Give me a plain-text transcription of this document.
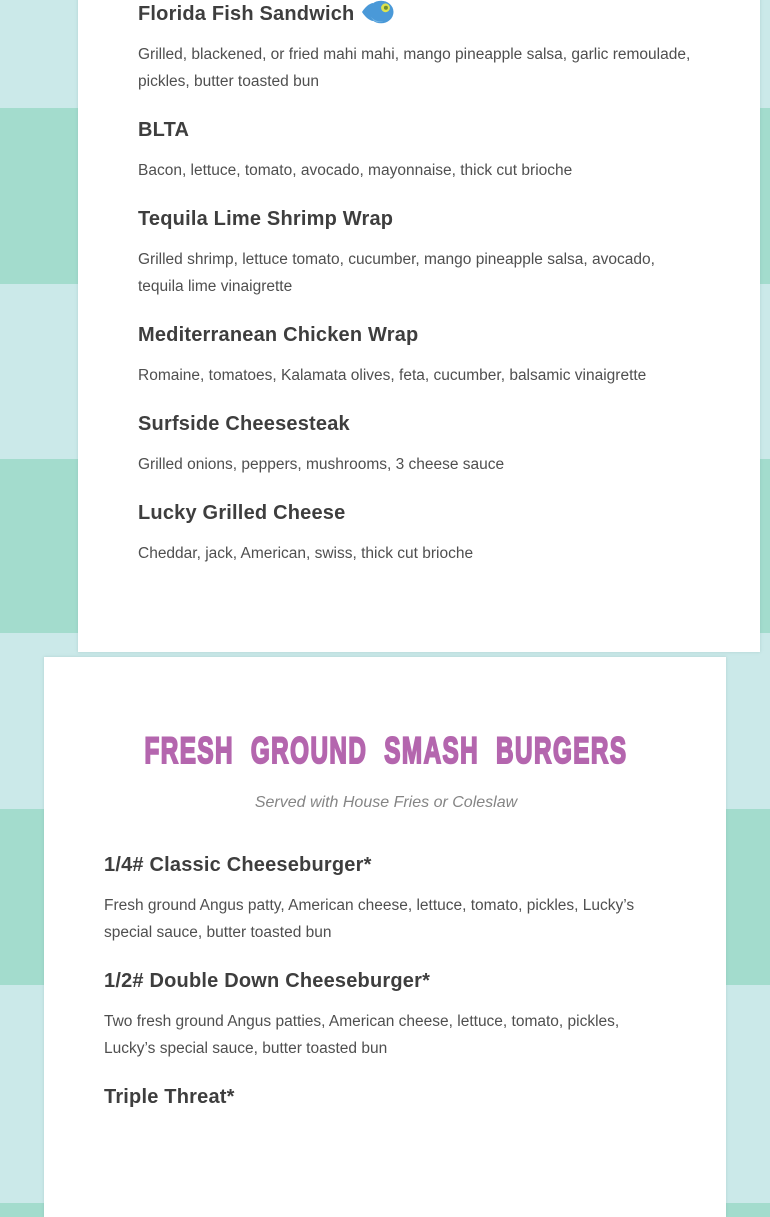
Florida Fish Sandwich

Grilled, blackened, or fried mahi mahi, mango pineapple salsa, garlic remoulade, pickles, butter toasted bun

BLTA

Bacon, lettuce, tomato, avocado, mayonnaise, thick cut brioche

Tequila Lime Shrimp Wrap

Grilled shrimp, lettuce tomato, cucumber, mango pineapple salsa, avocado, tequila lime vinaigrette

Mediterranean Chicken Wrap

Romaine, tomatoes, Kalamata olives, feta, cucumber, balsamic vinaigrette

Surfside Cheesesteak

Grilled onions, peppers, mushrooms, 3 cheese sauce

Lucky Grilled Cheese

Cheddar, jack, American, swiss, thick cut brioche

FRESH GROUND SMASH BURGERS

Served with House Fries or Coleslaw

1/4# Classic Cheeseburger*

Fresh ground Angus patty, American cheese, lettuce, tomato, pickles, Lucky’s special sauce, butter toasted bun

1/2# Double Down Cheeseburger*

Two fresh ground Angus patties, American cheese, lettuce, tomato, pickles, Lucky’s special sauce, butter toasted bun

Triple Threat*
